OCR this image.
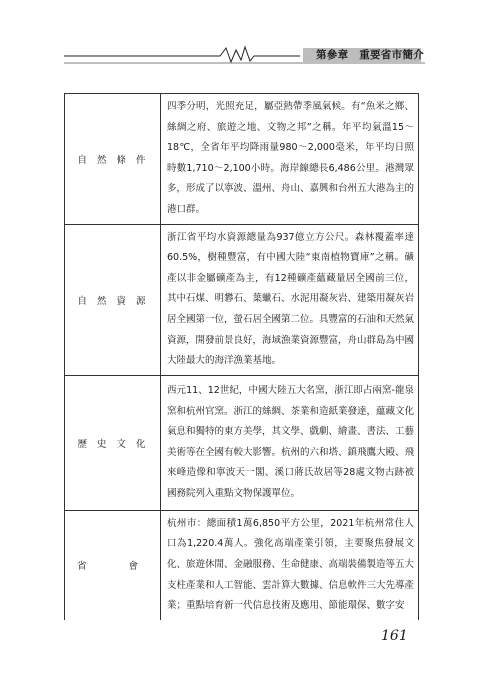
第參章　重要省市簡介
自然條件	四季分明，光照充足，屬亞熱帶季風氣候。有“魚米之鄉、絲綢之府、旅遊之地、文物之邦”之稱。年平均氣溫15～18℃，全省年平均降雨量980～2,000毫米，年平均日照時數1,710～2,100小時。海岸線總長6,486公里。港灣眾多，形成了以寧波、溫州、舟山、嘉興和台州五大港為主的港口群。
自然資源	浙江省平均水資源總量為937億立方公尺。森林覆蓋率達60.5%，樹種豐富，有中國大陸“東南植物寶庫”之稱。礦產以非金屬礦產為主，有12種礦產蘊藏量居全國前三位，其中石煤、明礬石、葉蠟石、水泥用凝灰岩、建築用凝灰岩居全國第一位，螢石居全國第二位。具豐富的石油和天然氣資源，開發前景良好，海域漁業資源豐富，舟山群島為中國大陸最大的海洋漁業基地。
歷史文化	西元11、12世紀，中國大陸五大名窯，浙江即占兩窯-龍泉窯和杭州官窯。浙江的絲綢、茶業和造紙業發達，蘊藏文化氣息和獨特的東方美學，其文學、戲劇、繪畫、書法、工藝美術等在全國有較大影響。杭州的六和塔、鎮飛鷹大殿、飛來峰造像和寧波天一閣、溪口蔣氏故居等28處文物古跡被國務院列入重點文物保護單位。

省 會	杭州市：總面積1萬6,850平方公里，2021年杭州常住人口為1,220.4萬人。強化高端產業引領，主要聚焦發展文化、旅遊休閒、金融服務、生命健康、高端裝備製造等五大支柱產業和人工智能、雲計算大數據、信息軟件三大先導產業；重點培育新一代信息技術及應用、節能環保、數字安
161
